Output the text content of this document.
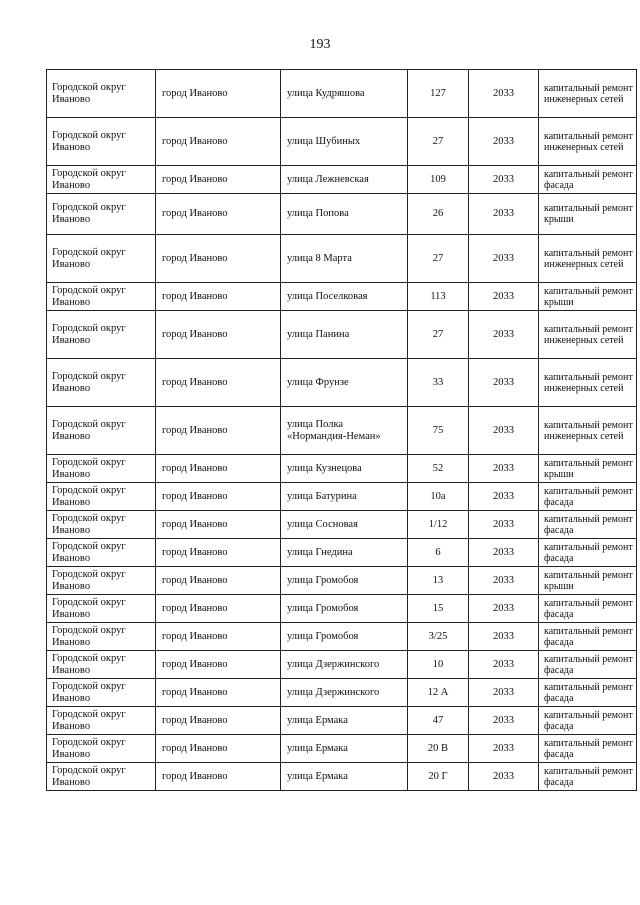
193
Городской округ Иваново	город Иваново	улица Кудряшова	127	2033	капитальный ремонт инженерных сетей
Городской округ Иваново	город Иваново	улица Шубиных	27	2033	капитальный ремонт инженерных сетей
Городской округ Иваново	город Иваново	улица Лежневская	109	2033	капитальный ремонт фасада
Городской округ Иваново	город Иваново	улица Попова	26	2033	капитальный ремонт крыши
Городской округ Иваново	город Иваново	улица 8 Марта	27	2033	капитальный ремонт инженерных сетей
Городской округ Иваново	город Иваново	улица Поселковая	113	2033	капитальный ремонт крыши
Городской округ Иваново	город Иваново	улица Панина	27	2033	капитальный ремонт инженерных сетей
Городской округ Иваново	город Иваново	улица Фрунзе	33	2033	капитальный ремонт инженерных сетей
Городской округ Иваново	город Иваново	улица Полка «Нормандия-Неман»	75	2033	капитальный ремонт инженерных сетей
Городской округ Иваново	город Иваново	улица Кузнецова	52	2033	капитальный ремонт крыши
Городской округ Иваново	город Иваново	улица Батурина	10а	2033	капитальный ремонт фасада
Городской округ Иваново	город Иваново	улица Сосновая	1/12	2033	капитальный ремонт фасада
Городской округ Иваново	город Иваново	улица Гнедина	6	2033	капитальный ремонт фасада
Городской округ Иваново	город Иваново	улица Громобоя	13	2033	капитальный ремонт крыши
Городской округ Иваново	город Иваново	улица Громобоя	15	2033	капитальный ремонт фасада
Городской округ Иваново	город Иваново	улица Громобоя	3/25	2033	капитальный ремонт фасада
Городской округ Иваново	город Иваново	улица Дзержинского	10	2033	капитальный ремонт фасада
Городской округ Иваново	город Иваново	улица Дзержинского	12 А	2033	капитальный ремонт фасада
Городской округ Иваново	город Иваново	улица Ермака	47	2033	капитальный ремонт фасада
Городской округ Иваново	город Иваново	улица Ермака	20 В	2033	капитальный ремонт фасада
Городской округ Иваново	город Иваново	улица Ермака	20 Г	2033	капитальный ремонт фасада
